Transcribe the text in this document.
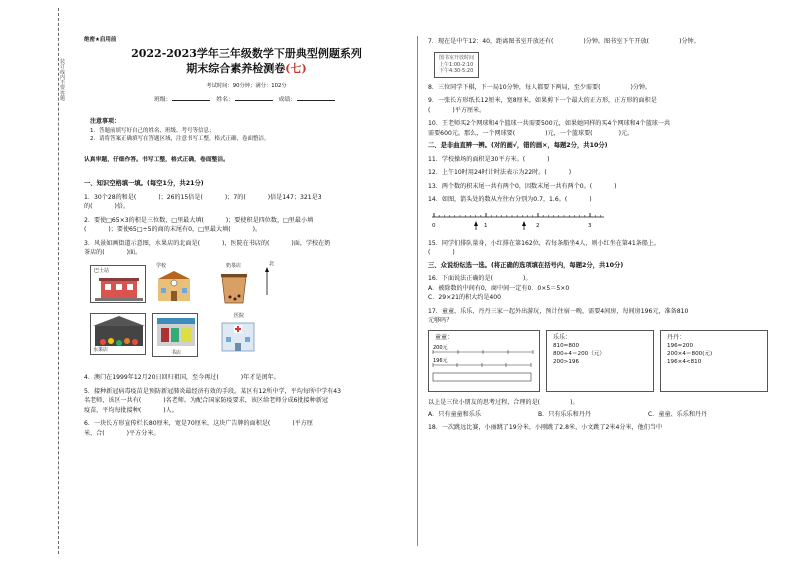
装
订
线
内
不
要
答
题
绝密★启用前
2022-2023学年三年级数学下册典型例题系列
期末综合素养检测卷(七)
考试时间：90分钟；满分：102分
班级：	姓名：	成绩：
注意事项：

1．答题前填写好自己的姓名、班级、考号等信息；

2．请将答案正确填写在答题区域，注意书写工整，格式正确，卷面整洁。

认真审题，仔细作答。书写工整，格式正确，卷面整洁。
一、知识空格填一填。(每空1分，共21分)
1．30个28的和是(	)；26的15倍是(	)；7的(	)倍是147；321是3
的(	)倍。
2．要使□65×3的积是三位数，□里最大填(	)；要使积是四位数，□里最小填
(	)；要使65□÷5的商的末尾有0，□里最大填(	)。
3．风景如画街道示意图，水果店的北面是(	)，医院在书店的(	)面，学校在奶
茶店的(	)面。
巴士站
学校	奶茶店	北
水果店	书店
医院
4．澳门在1999年12月20日回归祖国，至今再过(	)年才是闰年。
5．接种新冠病毒疫苗是预防新冠肺炎最经济有效的手段。某区有12所中学，平均每所中学有43
名老师，该区一共有(	)名老师。为配合国家防疫要求，该区给老师分成6批接种新冠
疫苗，平均每批接种(	)人。
6．一块长方形宣传栏长80厘米，宽是70厘米，这块广告牌的面积是(	)平方厘
米，合(	)平方分米。
7．现在是中午12：40，距离图书室开放还有(	)分钟。图书室下午开放(	)分钟。
图书室开放时间
上午1:00-2:10
下午4:30-5:20
8．三位同学下棋，下一局10分钟，每人都要下两局，至少需要(	)分钟。
9．一张长方形纸长12厘米，宽8厘米，如果剪下一个最大的正方形，正方形的面积是
(	)平方厘米。
10．王老师买2个网球和4个篮球一共需要500元，如果她同样的买4个网球和4个篮球一共
需要600元。那么，一个网球要(	)元，一个篮球要(	)元。
二、是非曲直辨一辨。(对的画√，错的画×，每题2分，共10分)
11．学校操场的面积是30平方米。(	)
12．上午10时用24时计时法表示为22时。(	)
13．两个数的积末尾一共有两个0，因数末尾一共有两个0。(	)
14．如图，箭头处的数从左往右分别为0.7，1.6。(	)
0	1	2	3
15．同学们排队量身，小红排在第162位，若每条船坐4人，则小红坐在第41条船上。
(	)
三、众说纷纭选一选。(将正确的选项填在括号内，每题2分，共10分)
16．下面说法正确的是(	)。
A．被除数的中间有0，商中间一定有0．0×5＝5×0
C．29×21的积大约是400
17．童童、乐乐、丹丹三家一起外出游玩，预计住宿一晚，需要4间房，每间房196元，准备810
元够吗？
童童：
200元
196元
乐乐：
810≈800
800÷4＝200（元）
200>196
丹丹：
196≈200
200×4＝800(元)
196×4<810
以上是三位小朋友的思考过程，合理的是(	)。
A．只有童童和乐乐	B．只有乐乐和丹丹	C．童童、乐乐和丹丹
18．一次跳远比赛，小丽跳了19分米，小刚跳了2.8米，小文跳了2米4分米，他们当中
